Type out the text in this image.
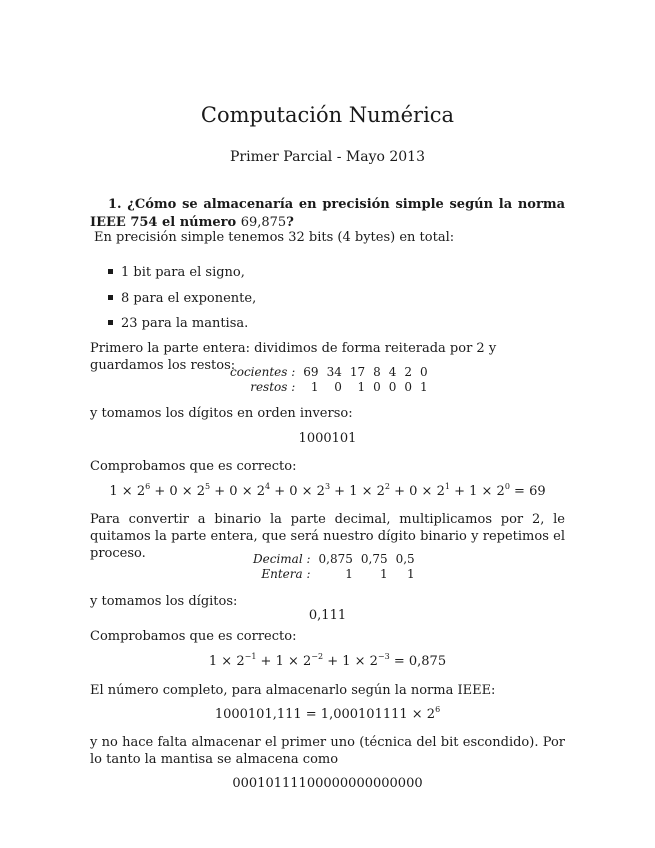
Computación Numérica
Primer Parcial - Mayo 2013
1. ¿Cómo se almacenaría en precisión simple según la norma IEEE 754 el número 69,875?
En precisión simple tenemos 32 bits (4 bytes) en total:
1 bit para el signo,
8 para el exponente,
23 para la mantisa.
Primero la parte entera: dividimos de forma reiterada por 2 y guardamos los restos:
cocientes :	69	34	17	8	4	2	0
restos :	1	0	1	0	0	0	1
y tomamos los dígitos en orden inverso:
1000101
Comprobamos que es correcto:
$1 \times 2^6 + 0 \times 2^5 + 0 \times 2^4 + 0 \times 2^3 + 1 \times 2^2 + 0 \times 2^1 + 1 \times 2^0 = 69$
Para convertir a binario la parte decimal, multiplicamos por 2, le quitamos la parte entera, que será nuestro dígito binario y repetimos el proceso.	Decimal :	0,875	0,75	0,5
Entera :	1	1	1
y tomamos los dígitos:
0,111
Comprobamos que es correcto:
$1 \times 2^{-1} + 1 \times 2^{-2} + 1 \times 2^{-3} = 0,875$
El número completo, para almacenarlo según la norma IEEE:
$1000101,111 = 1,000101111 \times 2^6$
y no hace falta almacenar el primer uno (técnica del bit escondido). Por lo tanto la mantisa se almacena como
00010111100000000000000
